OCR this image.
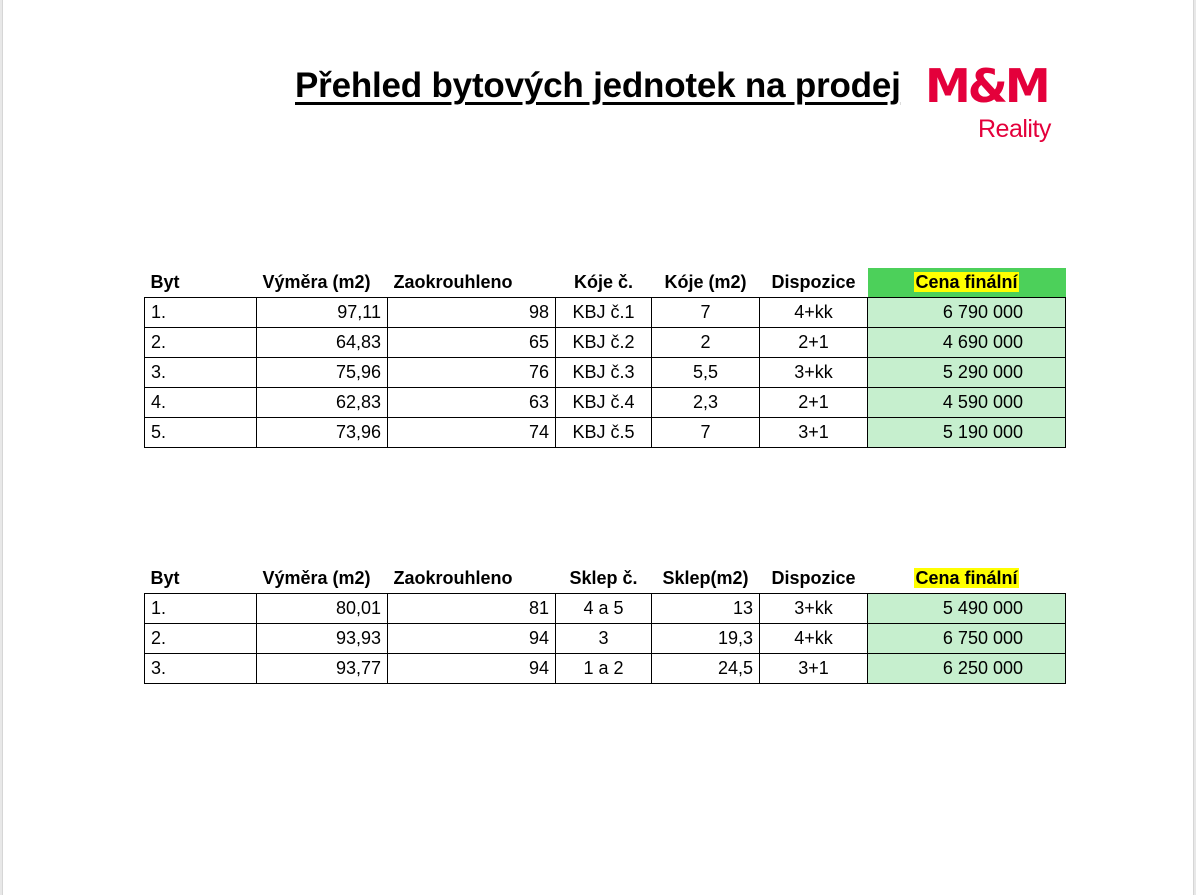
Přehled bytových jednotek na prodej M&M
Reality
Byt	Výměra (m2)	Zaokrouhleno	Kóje č.	Kóje (m2)	Dispozice	Cena finální
1.	97,11	98	KBJ č.1	7	4+kk	6 790 000
2.	64,83	65	KBJ č.2	2	2+1	4 690 000
3.	75,96	76	KBJ č.3	5,5	3+kk	5 290 000
4.	62,83	63	KBJ č.4	2,3	2+1	4 590 000
5.	73,96	74	KBJ č.5	7	3+1	5 190 000
Byt	Výměra (m2)	Zaokrouhleno	Sklep č.	Sklep(m2)	Dispozice	Cena finální
1.	80,01	81	4 a 5	13	3+kk	5 490 000
2.	93,93	94	3	19,3	4+kk	6 750 000
3.	93,77	94	1 a 2	24,5	3+1	6 250 000
